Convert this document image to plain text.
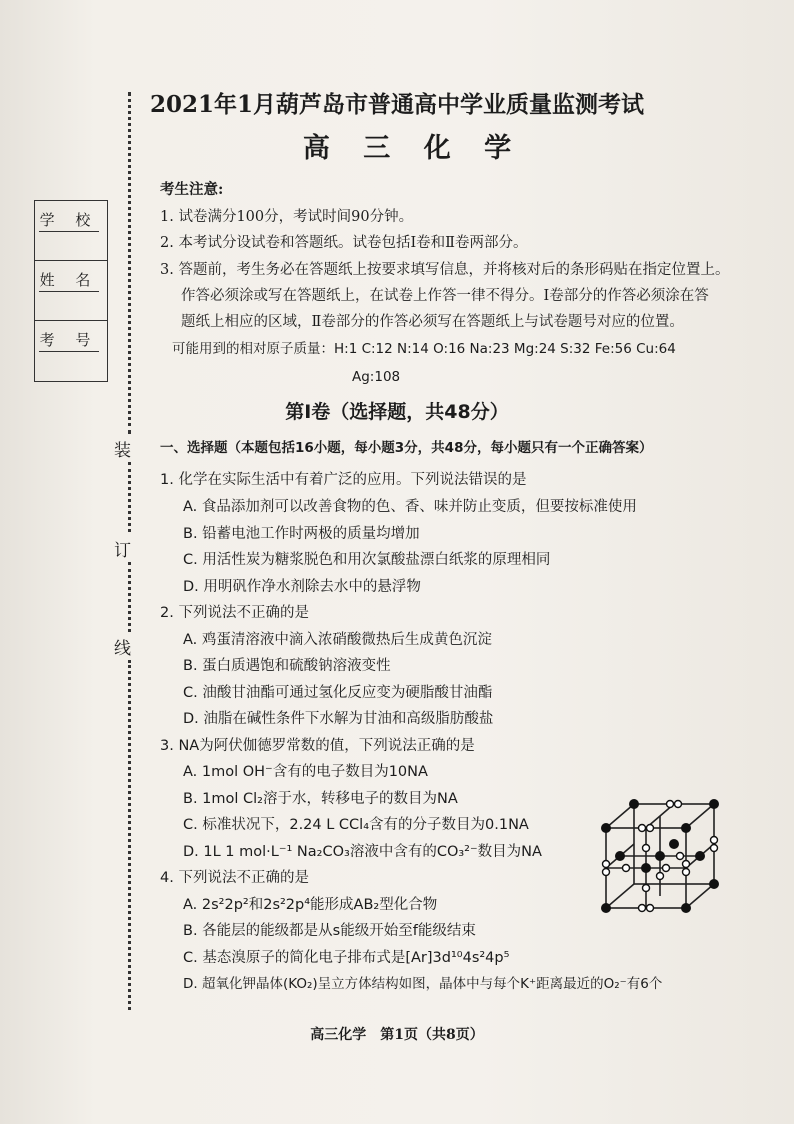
装
订
线
学 校
姓 名
考 号
2021年1月葫芦岛市普通高中学业质量监测考试
高 三 化 学
考生注意:
1. 试卷满分100分，考试时间90分钟。
2. 本考试分设试卷和答题纸。试卷包括Ⅰ卷和Ⅱ卷两部分。
3. 答题前，考生务必在答题纸上按要求填写信息，并将核对后的条形码贴在指定位置上。
作答必须涂或写在答题纸上，在试卷上作答一律不得分。Ⅰ卷部分的作答必须涂在答
题纸上相应的区域，Ⅱ卷部分的作答必须写在答题纸上与试卷题号对应的位置。
可能用到的相对原子质量：H:1 C:12 N:14 O:16 Na:23 Mg:24 S:32 Fe:56 Cu:64
Ag:108
第Ⅰ卷（选择题，共48分）
一、选择题（本题包括16小题，每小题3分，共48分，每小题只有一个正确答案）
1. 化学在实际生活中有着广泛的应用。下列说法错误的是
A. 食品添加剂可以改善食物的色、香、味并防止变质，但要按标准使用
B. 铅蓄电池工作时两极的质量均增加
C. 用活性炭为糖浆脱色和用次氯酸盐漂白纸浆的原理相同
D. 用明矾作净水剂除去水中的悬浮物
2. 下列说法不正确的是
A. 鸡蛋清溶液中滴入浓硝酸微热后生成黄色沉淀
B. 蛋白质遇饱和硫酸钠溶液变性
C. 油酸甘油酯可通过氢化反应变为硬脂酸甘油酯
D. 油脂在碱性条件下水解为甘油和高级脂肪酸盐
3. NA为阿伏伽德罗常数的值，下列说法正确的是
A. 1mol OH⁻含有的电子数目为10NA
B. 1mol Cl₂溶于水，转移电子的数目为NA
C. 标准状况下，2.24 L CCl₄含有的分子数目为0.1NA
D. 1L 1 mol·L⁻¹ Na₂CO₃溶液中含有的CO₃²⁻数目为NA
4. 下列说法不正确的是
A. 2s²2p²和2s²2p⁴能形成AB₂型化合物
B. 各能层的能级都是从s能级开始至f能级结束
C. 基态溴原子的简化电子排布式是[Ar]3d¹⁰4s²4p⁵
D. 超氧化钾晶体(KO₂)呈立方体结构如图，晶体中与每个K⁺距离最近的O₂⁻有6个
高三化学　第1页（共8页）
